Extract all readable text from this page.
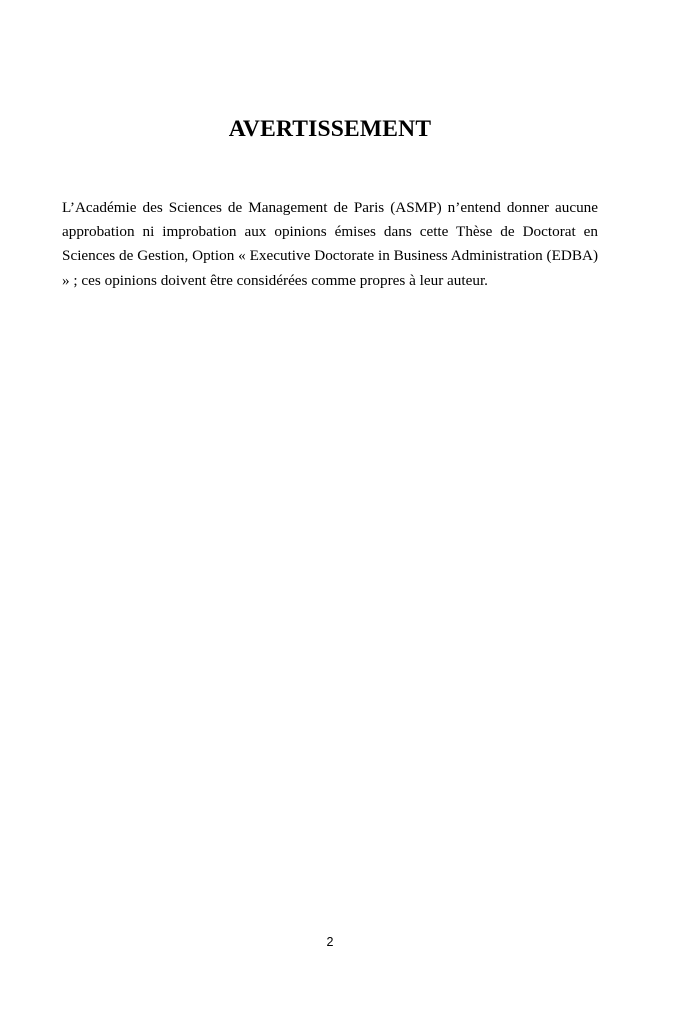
AVERTISSEMENT

L’Académie des Sciences de Management de Paris (ASMP) n’entend donner aucune approbation ni improbation aux opinions émises dans cette Thèse de Doctorat en Sciences de Gestion, Option « Executive Doctorate in Business Administration (EDBA) » ; ces opinions doivent être considérées comme propres à leur auteur.

2
